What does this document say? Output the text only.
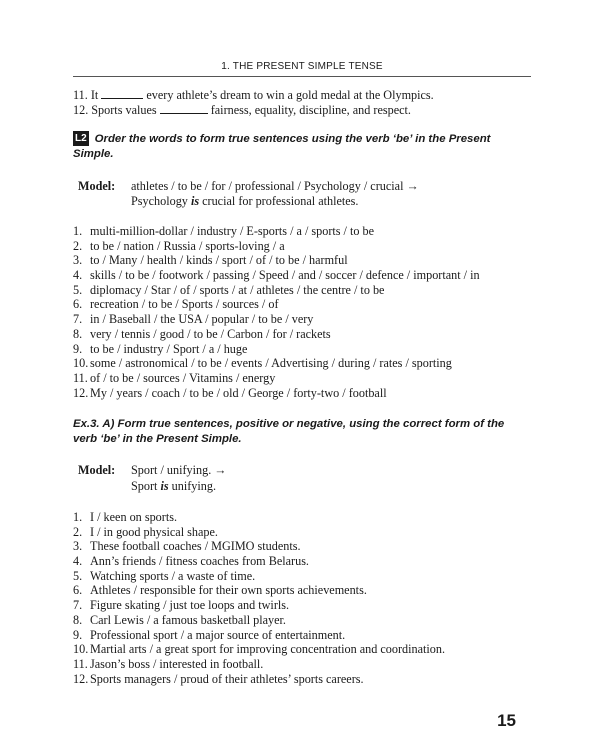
1. THE PRESENT SIMPLE TENSE
11. It	every athlete’s dream to win a gold medal at the Olympics.
12. Sports values	fairness, equality, discipline, and respect.
L2 Order the words to form true sentences using the verb ‘be’ in the Present Simple.
Model: athletes / to be / for / professional / Psychology / crucial →
Psychology is crucial for professional athletes.
1. multi-million-dollar / industry / E-sports / a / sports / to be
2. to be / nation / Russia / sports-loving / a
3. to / Many / health / kinds / sport / of / to be / harmful
4. skills / to be / footwork / passing / Speed / and / soccer / defence / important / in
5. diplomacy / Star / of / sports / at / athletes / the centre / to be
6. recreation / to be / Sports / sources / of
7. in / Baseball / the USA / popular / to be / very
8. very / tennis / good / to be / Carbon / for / rackets
9. to be / industry / Sport / a / huge
10. some / astronomical / to be / events / Advertising / during / rates / sporting
11. of / to be / sources / Vitamins / energy
12. My / years / coach / to be / old / George / forty-two / football
Ex.3. A) Form true sentences, positive or negative, using the correct form of the verb ‘be’ in the Present Simple.
Model: Sport / unifying. →
Sport is unifying.
1. I / keen on sports.
2. I / in good physical shape.
3. These football coaches / MGIMO students.
4. Ann’s friends / fitness coaches from Belarus.
5. Watching sports / a waste of time.
6. Athletes / responsible for their own sports achievements.
7. Figure skating / just toe loops and twirls.
8. Carl Lewis / a famous basketball player.
9. Professional sport / a major source of entertainment.
10. Martial arts / a great sport for improving concentration and coordination.
11. Jason’s boss / interested in football.
12. Sports managers / proud of their athletes’ sports careers.
15
